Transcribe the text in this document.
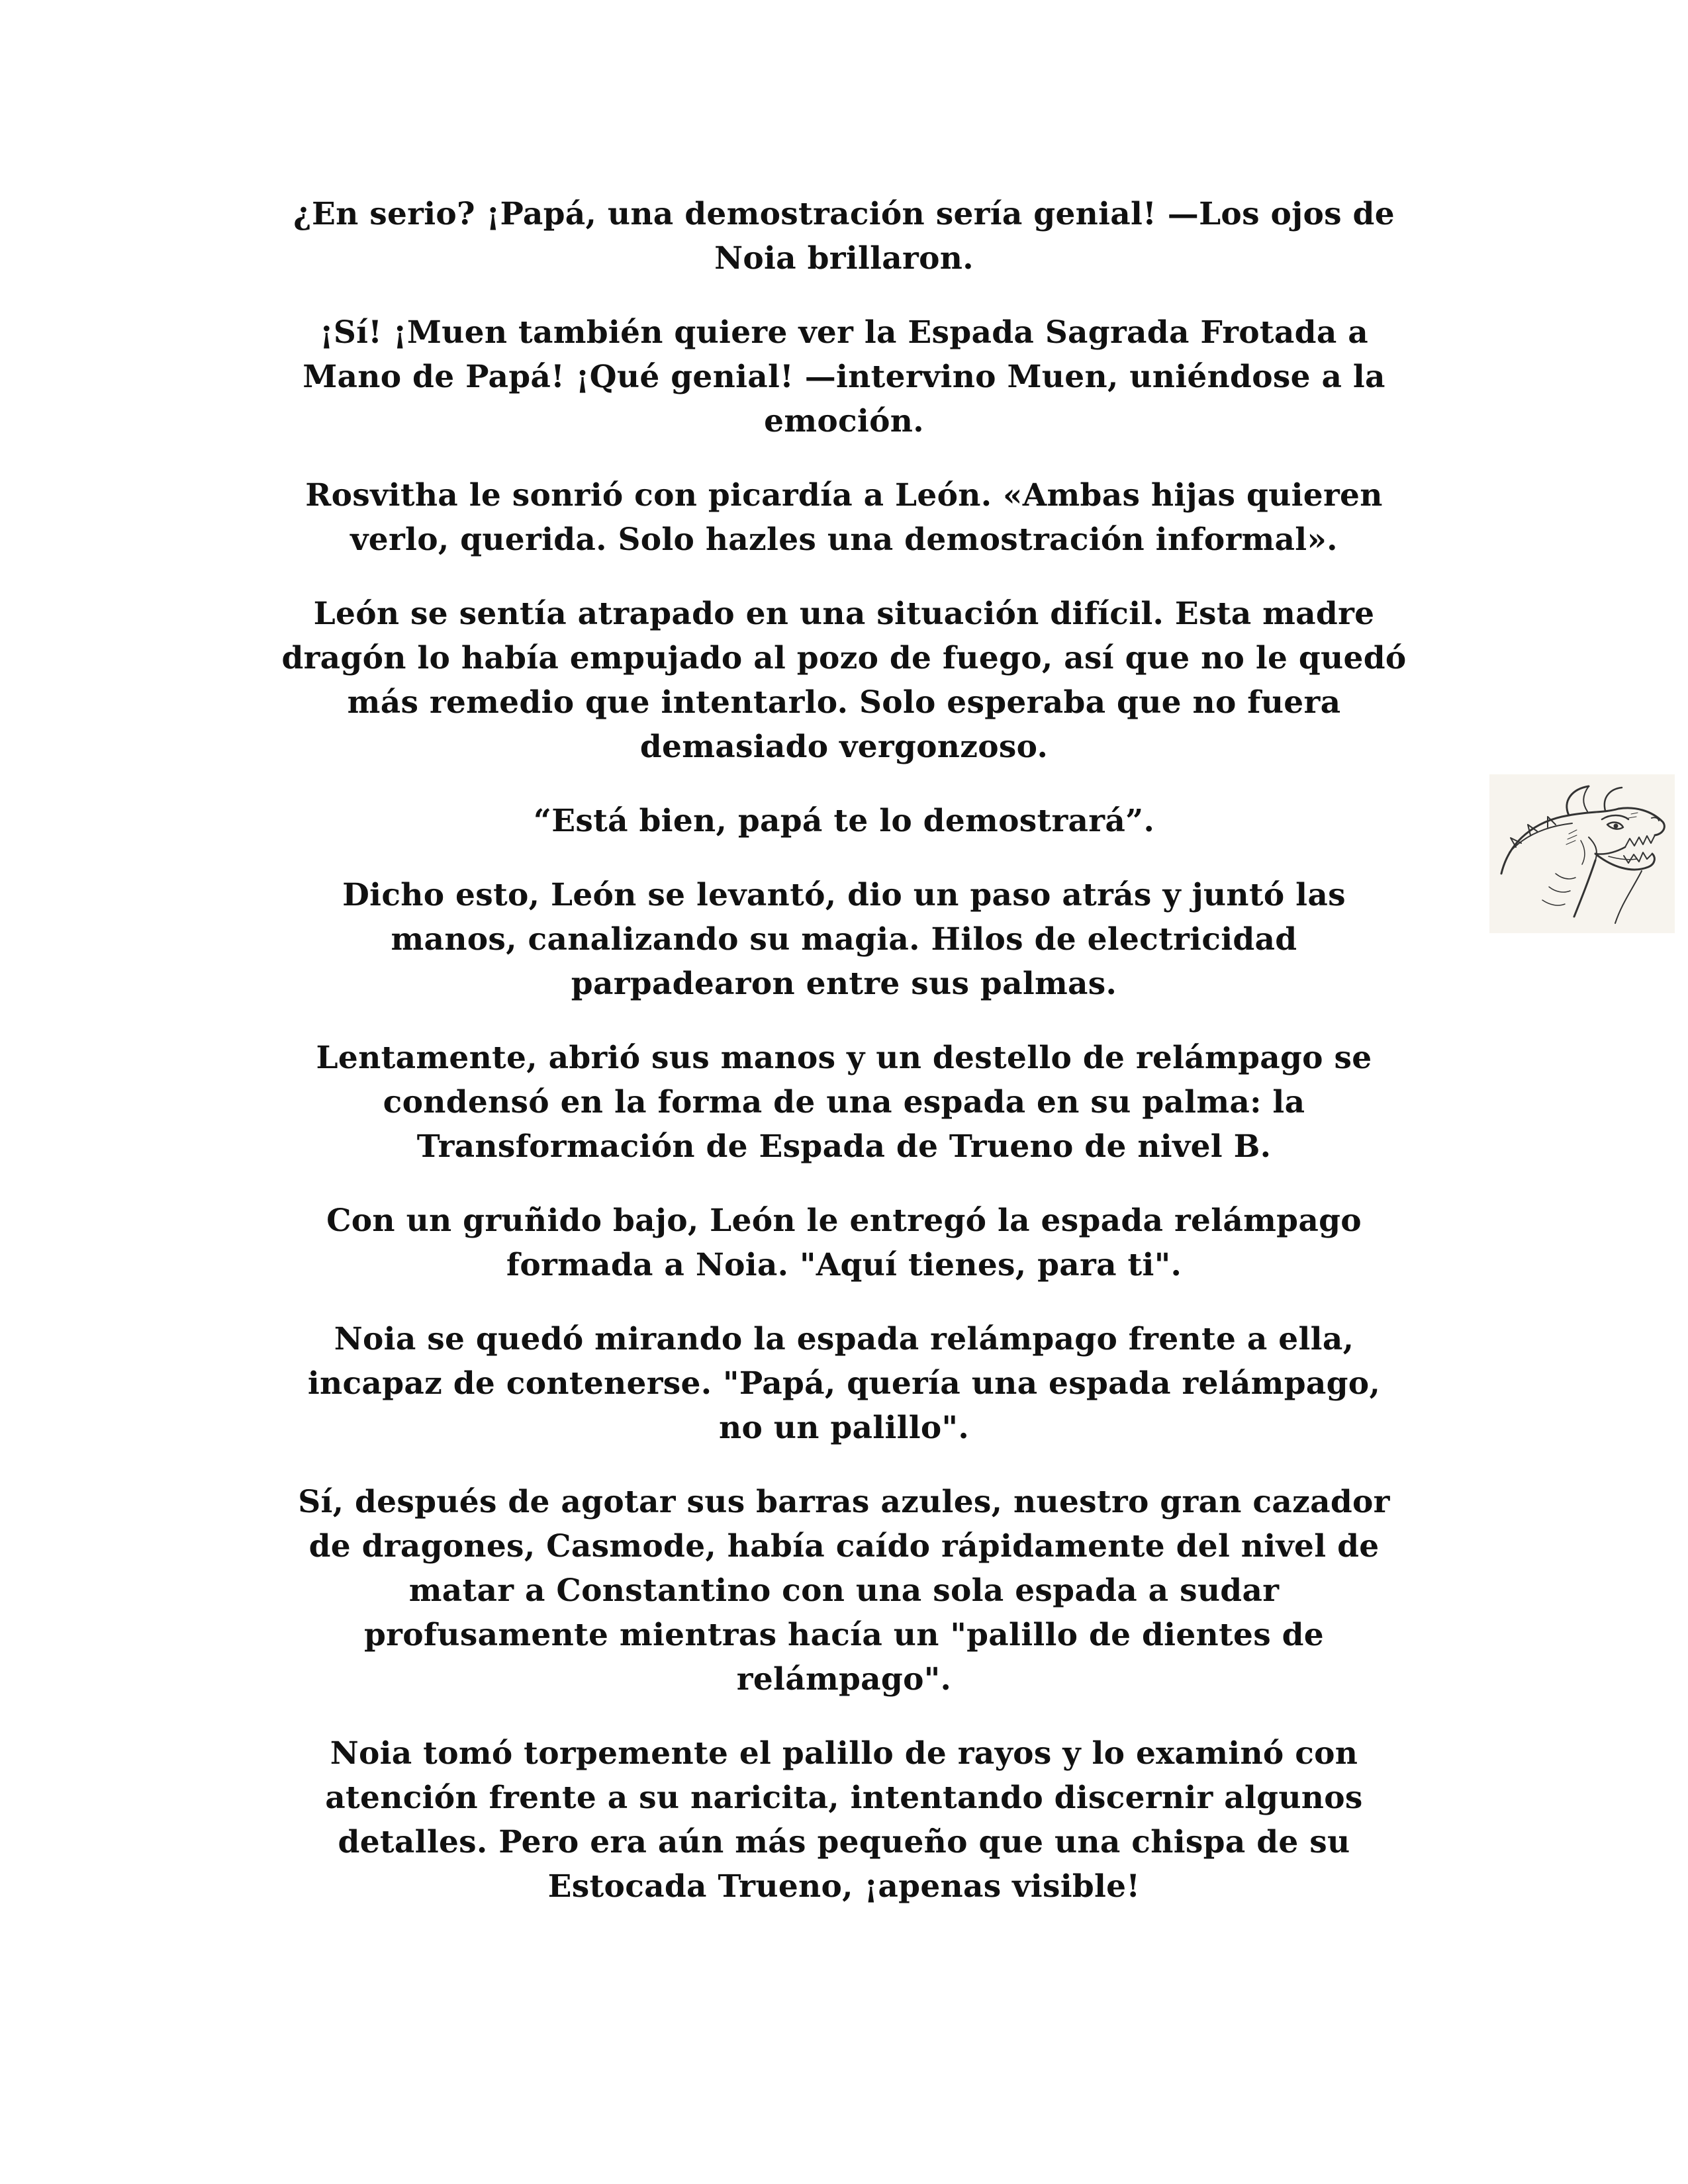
¿En serio? ¡Papá, una demostración sería genial! —Los ojos de
Noia brillaron.

¡Sí! ¡Muen también quiere ver la Espada Sagrada Frotada a
Mano de Papá! ¡Qué genial! —intervino Muen, uniéndose a la
emoción.

Rosvitha le sonrió con picardía a León. «Ambas hijas quieren
verlo, querida. Solo hazles una demostración informal».

León se sentía atrapado en una situación difícil. Esta madre
dragón lo había empujado al pozo de fuego, así que no le quedó
más remedio que intentarlo. Solo esperaba que no fuera
demasiado vergonzoso.

“Está bien, papá te lo demostrará”.

Dicho esto, León se levantó, dio un paso atrás y juntó las
manos, canalizando su magia. Hilos de electricidad
parpadearon entre sus palmas.

Lentamente, abrió sus manos y un destello de relámpago se
condensó en la forma de una espada en su palma: la
Transformación de Espada de Trueno de nivel B.

Con un gruñido bajo, León le entregó la espada relámpago
formada a Noia. "Aquí tienes, para ti".

Noia se quedó mirando la espada relámpago frente a ella,
incapaz de contenerse. "Papá, quería una espada relámpago,
no un palillo".

Sí, después de agotar sus barras azules, nuestro gran cazador
de dragones, Casmode, había caído rápidamente del nivel de
matar a Constantino con una sola espada a sudar
profusamente mientras hacía un "palillo de dientes de
relámpago".

Noia tomó torpemente el palillo de rayos y lo examinó con
atención frente a su naricita, intentando discernir algunos
detalles. Pero era aún más pequeño que una chispa de su
Estocada Trueno, ¡apenas visible!
